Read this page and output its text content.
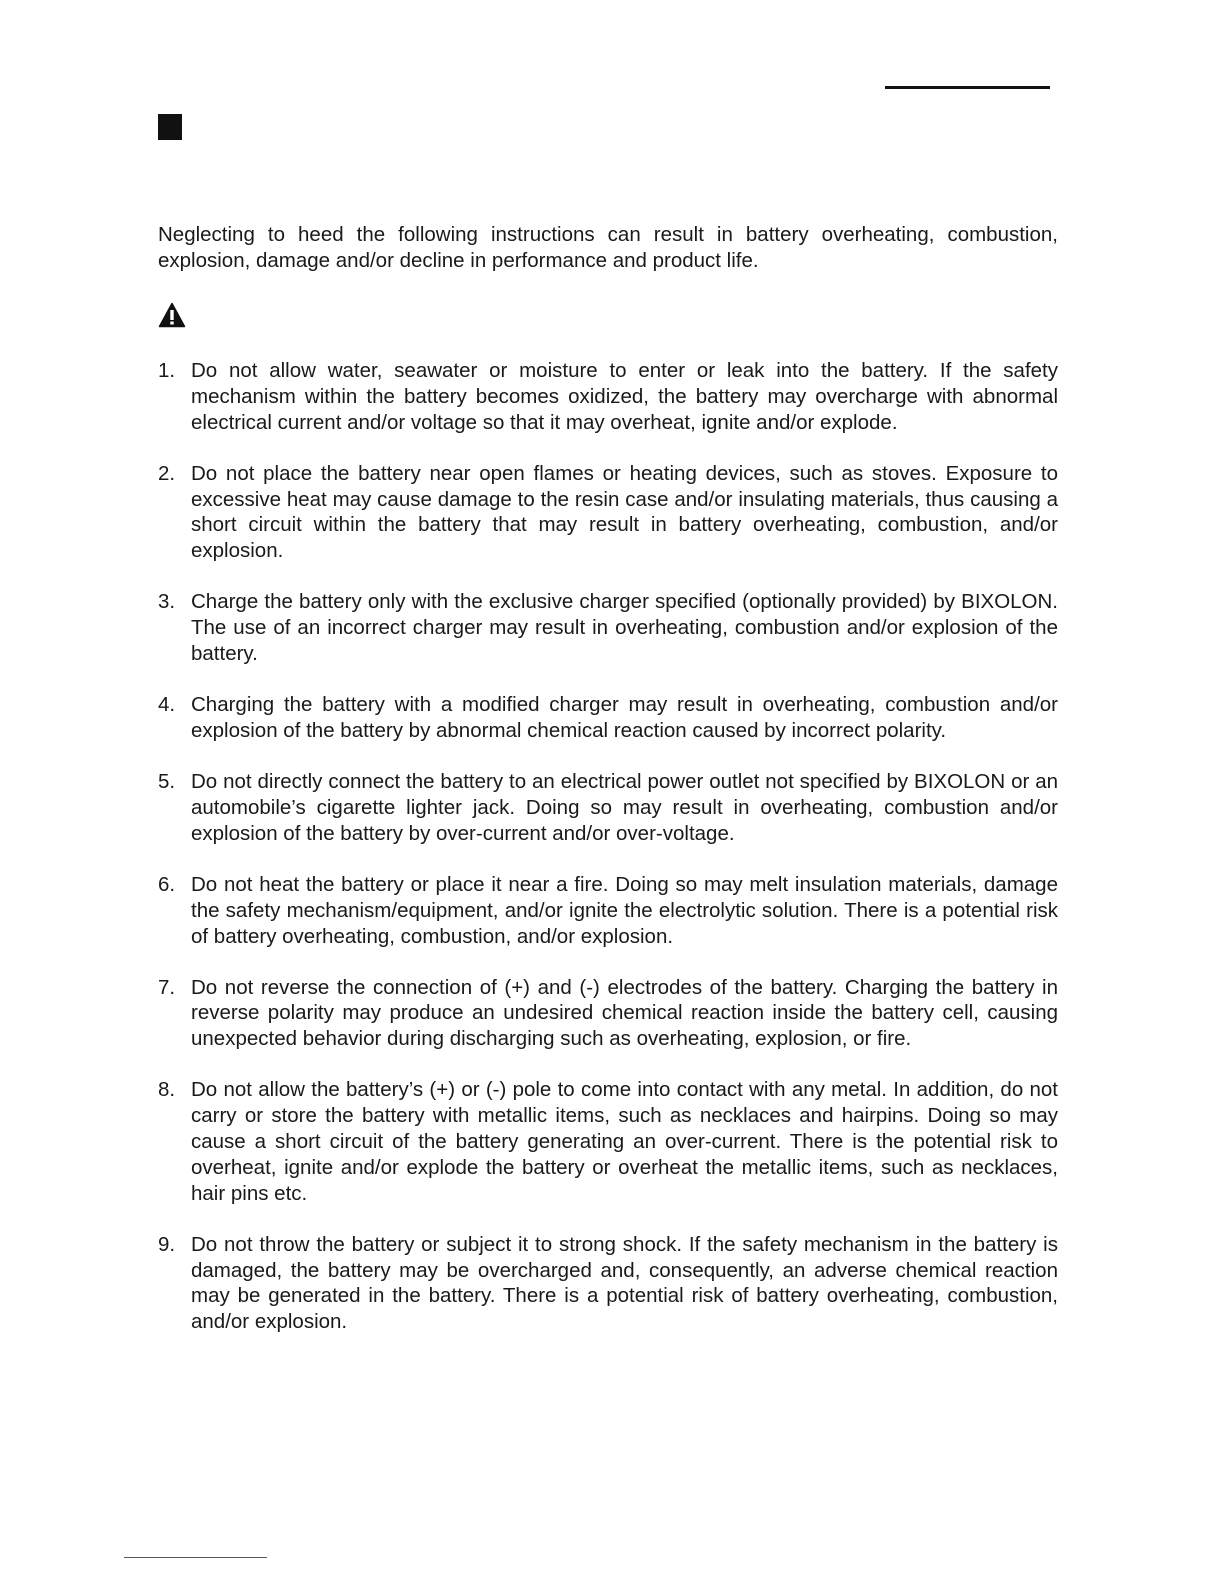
Neglecting to heed the following instructions can result in battery overheating, combustion, explosion, damage and/or decline in performance and product life.

1. Do not allow water, seawater or moisture to enter or leak into the battery. If the safety mechanism within the battery becomes oxidized, the battery may overcharge with abnormal electrical current and/or voltage so that it may overheat, ignite and/or explode.
2. Do not place the battery near open flames or heating devices, such as stoves. Exposure to excessive heat may cause damage to the resin case and/or insulating materials, thus causing a short circuit within the battery that may result in battery overheating, combustion, and/or explosion.
3. Charge the battery only with the exclusive charger specified (optionally provided) by BIXOLON. The use of an incorrect charger may result in overheating, combustion and/or explosion of the battery.
4. Charging the battery with a modified charger may result in overheating, combustion and/or explosion of the battery by abnormal chemical reaction caused by incorrect polarity.
5. Do not directly connect the battery to an electrical power outlet not specified by BIXOLON or an automobile’s cigarette lighter jack. Doing so may result in overheating, combustion and/or explosion of the battery by over-current and/or over-voltage.
6. Do not heat the battery or place it near a fire. Doing so may melt insulation materials, damage the safety mechanism/equipment, and/or ignite the electrolytic solution. There is a potential risk of battery overheating, combustion, and/or explosion.
7. Do not reverse the connection of (+) and (-) electrodes of the battery. Charging the battery in reverse polarity may produce an undesired chemical reaction inside the battery cell, causing unexpected behavior during discharging such as overheating, explosion, or fire.
8. Do not allow the battery’s (+) or (-) pole to come into contact with any metal. In addition, do not carry or store the battery with metallic items, such as necklaces and hairpins. Doing so may cause a short circuit of the battery generating an over-current. There is the potential risk to overheat, ignite and/or explode the battery or overheat the metallic items, such as necklaces, hair pins etc.
9. Do not throw the battery or subject it to strong shock. If the safety mechanism in the battery is damaged, the battery may be overcharged and, consequently, an adverse chemical reaction may be generated in the battery. There is a potential risk of battery overheating, combustion, and/or explosion.
